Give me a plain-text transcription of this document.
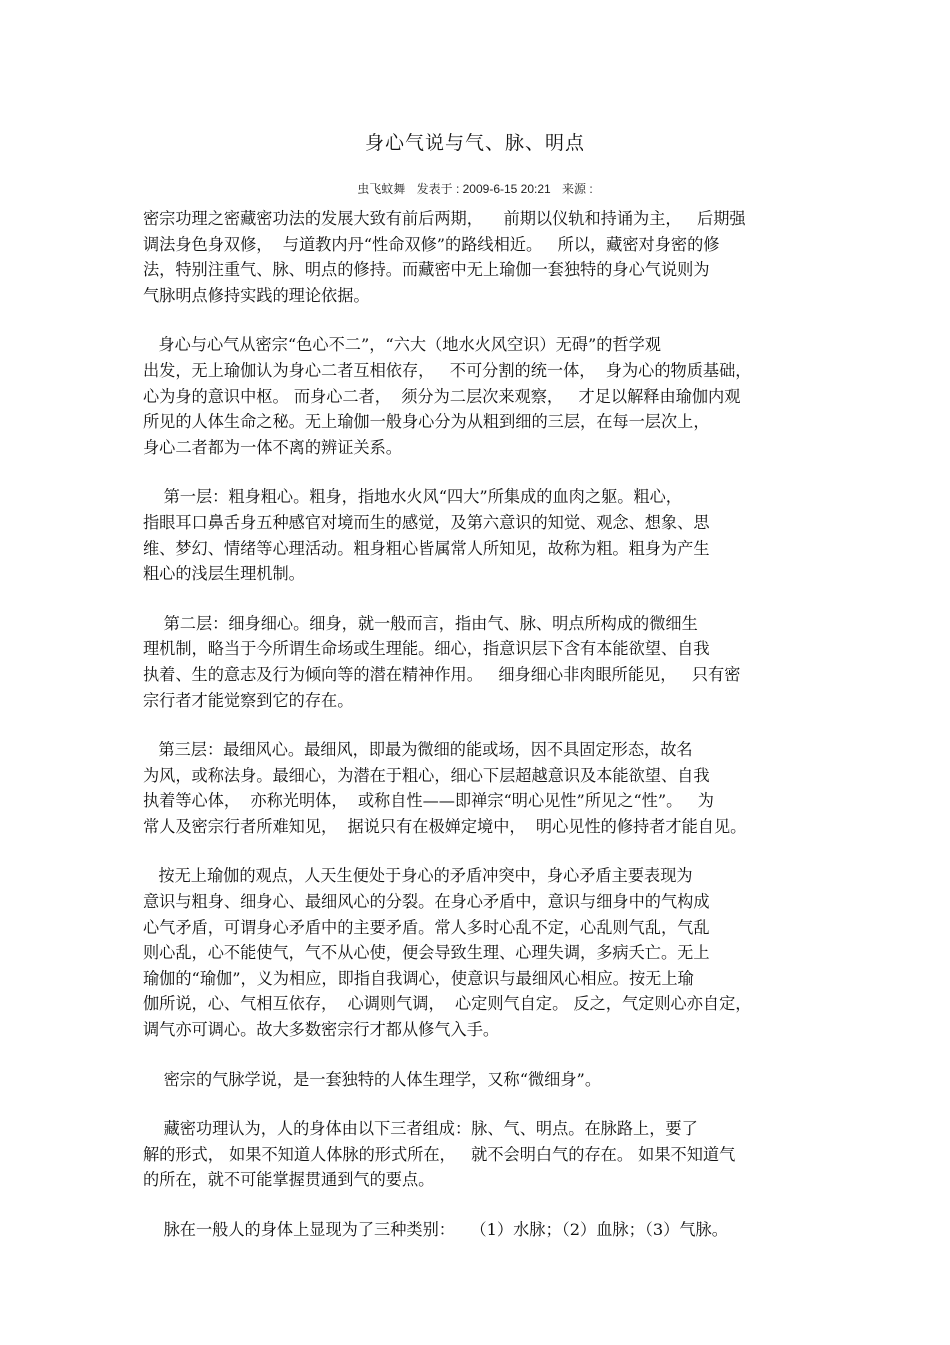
身心气说与气、脉、明点
虫飞蚊舞 发表于 : 2009-6-15 20:21 来源 :
密宗功理之密藏密功法的发展大致有前后两期，    前期以仪轨和持诵为主，   后期强
调法身色身双修，  与道教内丹“性命双修”的路线相近。   所以，藏密对身密的修
法，特别注重气、脉、明点的修持。而藏密中无上瑜伽一套独特的身心气说则为
气脉明点修持实践的理论依据。
身心与心气从密宗“色心不二”，“六大（地水火风空识）无碍”的哲学观
出发，无上瑜伽认为身心二者互相依存，   不可分割的统一体，  身为心的物质基础，
心为身的意识中枢。 而身心二者，  须分为二层次来观察，   才足以解释由瑜伽内观
所见的人体生命之秘。无上瑜伽一般身心分为从粗到细的三层，在每一层次上，
身心二者都为一体不离的辨证关系。
第一层：粗身粗心。粗身，指地水火风“四大”所集成的血肉之躯。粗心，
指眼耳口鼻舌身五种感官对境而生的感觉，及第六意识的知觉、观念、想象、思
维、梦幻、情绪等心理活动。粗身粗心皆属常人所知见，故称为粗。粗身为产生
粗心的浅层生理机制。
第二层：细身细心。细身，就一般而言，指由气、脉、明点所构成的微细生
理机制，略当于今所谓生命场或生理能。细心，指意识层下含有本能欲望、自我
执着、生的意志及行为倾向等的潜在精神作用。   细身细心非肉眼所能见，   只有密
宗行者才能觉察到它的存在。
第三层：最细风心。最细风，即最为微细的能或场，因不具固定形态，故名
为风，或称法身。最细心，为潜在于粗心，细心下层超越意识及本能欲望、自我
执着等心体，  亦称光明体，  或称自性——即禅宗“明心见性”所见之“性”。   为
常人及密宗行者所难知见，  据说只有在极婵定境中，  明心见性的修持者才能自见。
按无上瑜伽的观点，人天生便处于身心的矛盾冲突中，身心矛盾主要表现为
意识与粗身、细身心、最细风心的分裂。在身心矛盾中，意识与细身中的气构成
心气矛盾，可谓身心矛盾中的主要矛盾。常人多时心乱不定，心乱则气乱，气乱
则心乱，心不能使气，气不从心使，便会导致生理、心理失调，多病夭亡。无上
瑜伽的“瑜伽”，义为相应，即指自我调心，使意识与最细风心相应。按无上瑜
伽所说，心、气相互依存，  心调则气调，  心定则气自定。 反之，气定则心亦自定，
调气亦可调心。故大多数密宗行才都从修气入手。
密宗的气脉学说，是一套独特的人体生理学，又称“微细身”。
藏密功理认为，人的身体由以下三者组成：脉、气、明点。在脉路上，要了
解的形式， 如果不知道人体脉的形式所在，   就不会明白气的存在。 如果不知道气
的所在，就不可能掌握贯通到气的要点。
脉在一般人的身体上显现为了三种类别：   （1）水脉；（2）血脉；（3）气脉。
